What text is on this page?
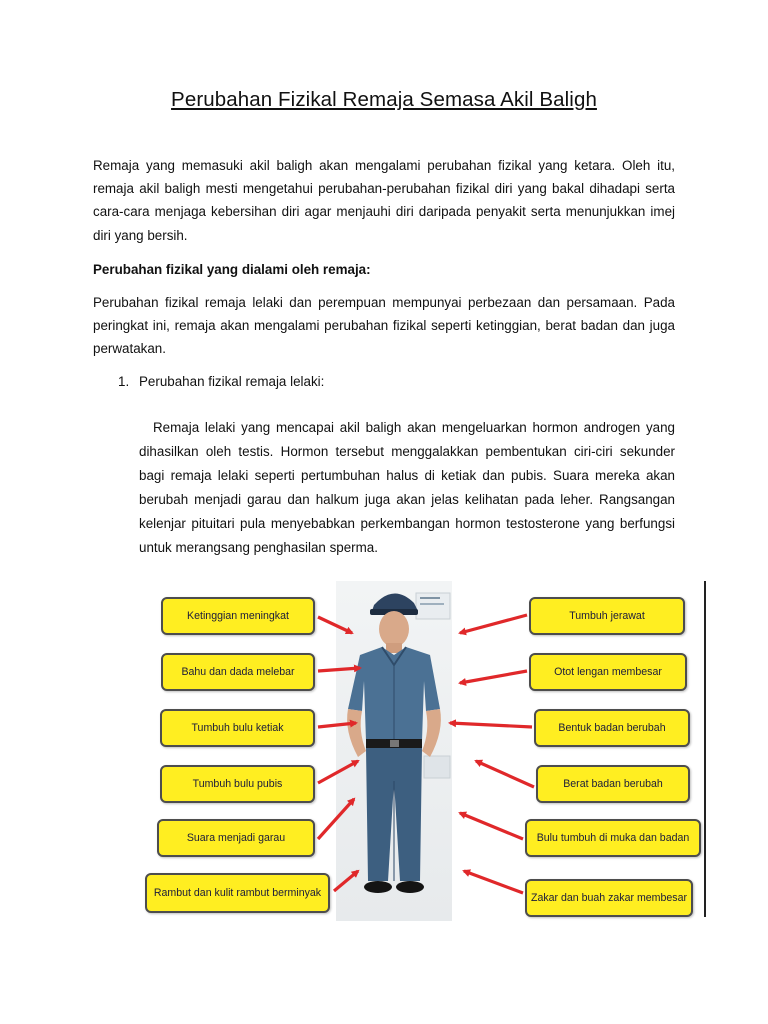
Perubahan Fizikal Remaja Semasa Akil Baligh

Remaja yang memasuki akil baligh akan mengalami perubahan fizikal yang ketara. Oleh itu, remaja akil baligh mesti mengetahui perubahan-perubahan fizikal diri yang bakal dihadapi serta cara-cara menjaga kebersihan diri agar menjauhi diri daripada penyakit serta menunjukkan imej diri yang bersih.

Perubahan fizikal yang dialami oleh remaja:

Perubahan fizikal remaja lelaki dan perempuan mempunyai perbezaan dan persamaan. Pada peringkat ini, remaja akan mengalami perubahan fizikal seperti ketinggian, berat badan dan juga perwatakan.

1. Perubahan fizikal remaja lelaki:

Remaja lelaki yang mencapai akil baligh akan mengeluarkan hormon androgen yang dihasilkan oleh testis. Hormon tersebut menggalakkan pembentukan ciri-ciri sekunder bagi remaja lelaki seperti pertumbuhan halus di ketiak dan pubis. Suara mereka akan berubah menjadi garau dan halkum juga akan jelas kelihatan pada leher. Rangsangan kelenjar pituitari pula menyebabkan perkembangan hormon testosterone yang berfungsi untuk merangsang penghasilan sperma.

Ketinggian meningkat
Bahu dan dada melebar
Tumbuh bulu ketiak
Tumbuh bulu pubis
Suara menjadi garau
Rambut dan kulit rambut berminyak
Tumbuh jerawat
Otot lengan membesar
Bentuk badan berubah
Berat badan berubah
Bulu tumbuh di muka dan badan
Zakar dan buah zakar membesar
